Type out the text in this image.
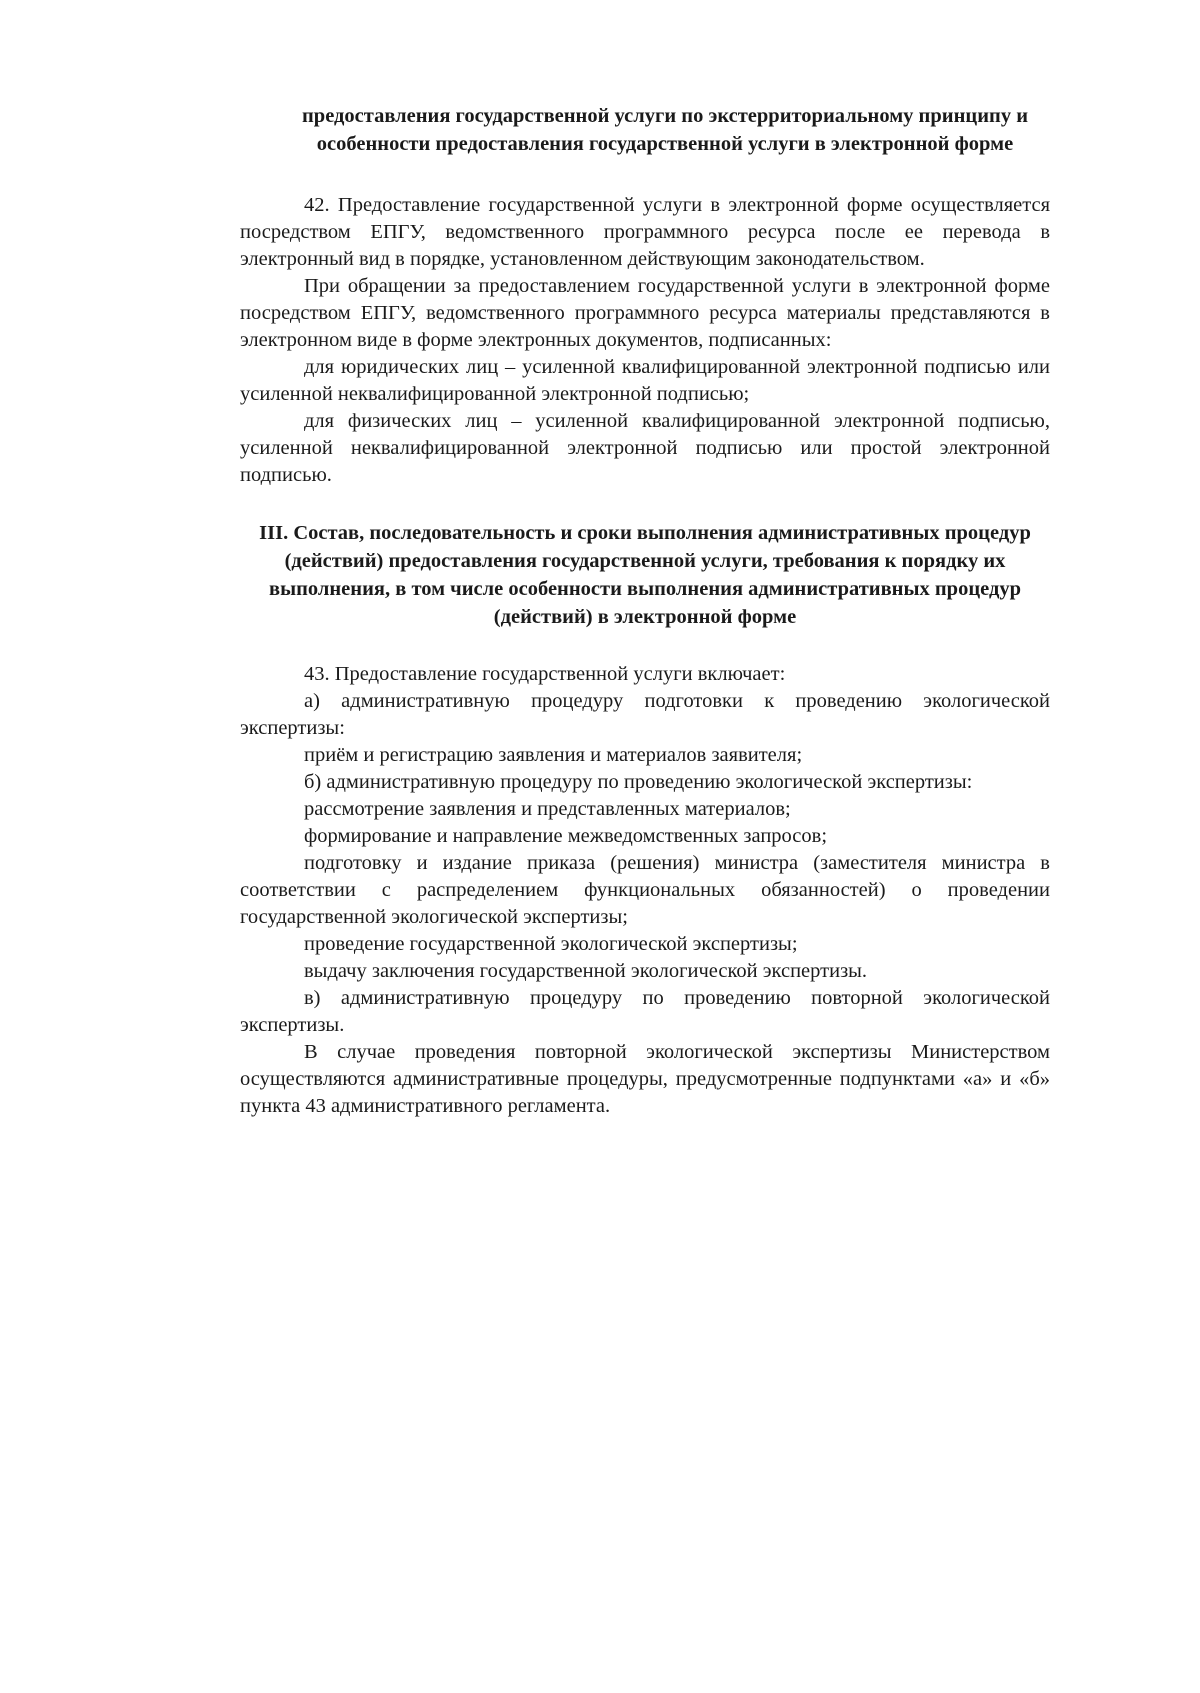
предоставления государственной услуги по экстерриториальному принципу и особенности предоставления государственной услуги в электронной форме

42. Предоставление государственной услуги в электронной форме осуществляется посредством ЕПГУ, ведомственного программного ресурса после ее перевода в электронный вид в порядке, установленном действующим законодательством.

При обращении за предоставлением государственной услуги в электронной форме посредством ЕПГУ, ведомственного программного ресурса материалы представляются в электронном виде в форме электронных документов, подписанных:

для юридических лиц – усиленной квалифицированной электронной подписью или усиленной неквалифицированной электронной подписью;

для физических лиц – усиленной квалифицированной электронной подписью, усиленной неквалифицированной электронной подписью или простой электронной подписью.

III. Состав, последовательность и сроки выполнения административных процедур (действий) предоставления государственной услуги, требования к порядку их выполнения, в том числе особенности выполнения административных процедур (действий) в электронной форме

43. Предоставление государственной услуги включает:

а) административную процедуру подготовки к проведению экологической экспертизы:

приём и регистрацию заявления и материалов заявителя;

б) административную процедуру по проведению экологической экспертизы:

рассмотрение заявления и представленных материалов;

формирование и направление межведомственных запросов;

подготовку и издание приказа (решения) министра (заместителя министра в соответствии с распределением функциональных обязанностей) о проведении государственной экологической экспертизы;

проведение государственной экологической экспертизы;

выдачу заключения государственной экологической экспертизы.

в) административную процедуру по проведению повторной экологической экспертизы.

В случае проведения повторной экологической экспертизы Министерством осуществляются административные процедуры, предусмотренные подпунктами «а» и «б» пункта 43 административного регламента.
